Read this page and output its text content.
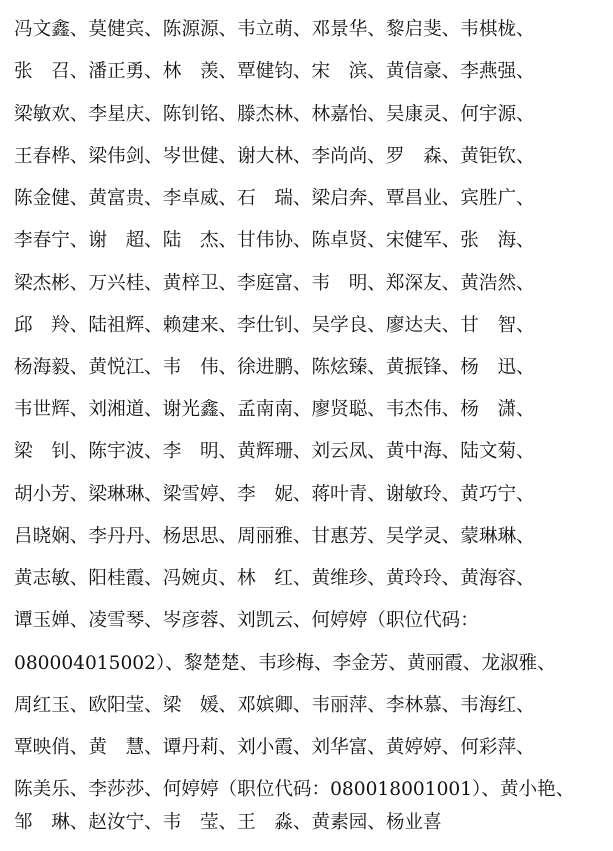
冯文鑫、莫健宾、陈源源、韦立萌、邓景华、黎启斐、韦棋栊、
张　召、潘正勇、林　羡、覃健钧、宋　滨、黄信豪、李燕强、
梁敏欢、李星庆、陈钊铭、滕杰林、林嘉怡、吴康灵、何宇源、
王春桦、梁伟剑、岑世健、谢大林、李尚尚、罗　森、黄钜钦、
陈金健、黄富贵、李卓威、石　瑞、梁启奔、覃昌业、宾胜广、
李春宁、谢　超、陆　杰、甘伟协、陈卓贤、宋健军、张　海、
梁杰彬、万兴桂、黄梓卫、李庭富、韦　明、郑深友、黄浩然、
邱　羚、陆祖辉、赖建来、李仕钊、吴学良、廖达夫、甘　智、
杨海毅、黄悦江、韦　伟、徐进鹏、陈炫臻、黄振锋、杨　迅、
韦世辉、刘湘道、谢光鑫、孟南南、廖贤聪、韦杰伟、杨　潇、
梁　钊、陈宇波、李　明、黄辉珊、刘云凤、黄中海、陆文菊、
胡小芳、梁琳琳、梁雪婷、李　妮、蒋叶青、谢敏玲、黄巧宁、
吕晓娴、李丹丹、杨思思、周丽雅、甘惠芳、吴学灵、蒙琳琳、
黄志敏、阳桂霞、冯婉贞、林　红、黄维珍、黄玲玲、黄海容、
谭玉婵、凌雪琴、岑彦蓉、刘凯云、何婷婷（职位代码：
080004015002）、黎楚楚、韦珍梅、李金芳、黄丽霞、龙淑雅、
周红玉、欧阳莹、梁　媛、邓嫔卿、韦丽萍、李林慕、韦海红、
覃映俏、黄　慧、谭丹莉、刘小霞、刘华富、黄婷婷、何彩萍、
陈美乐、李莎莎、何婷婷（职位代码：080018001001）、黄小艳、
邹　琳、赵汝宁、韦　莹、王　淼、黄素园、杨业喜
